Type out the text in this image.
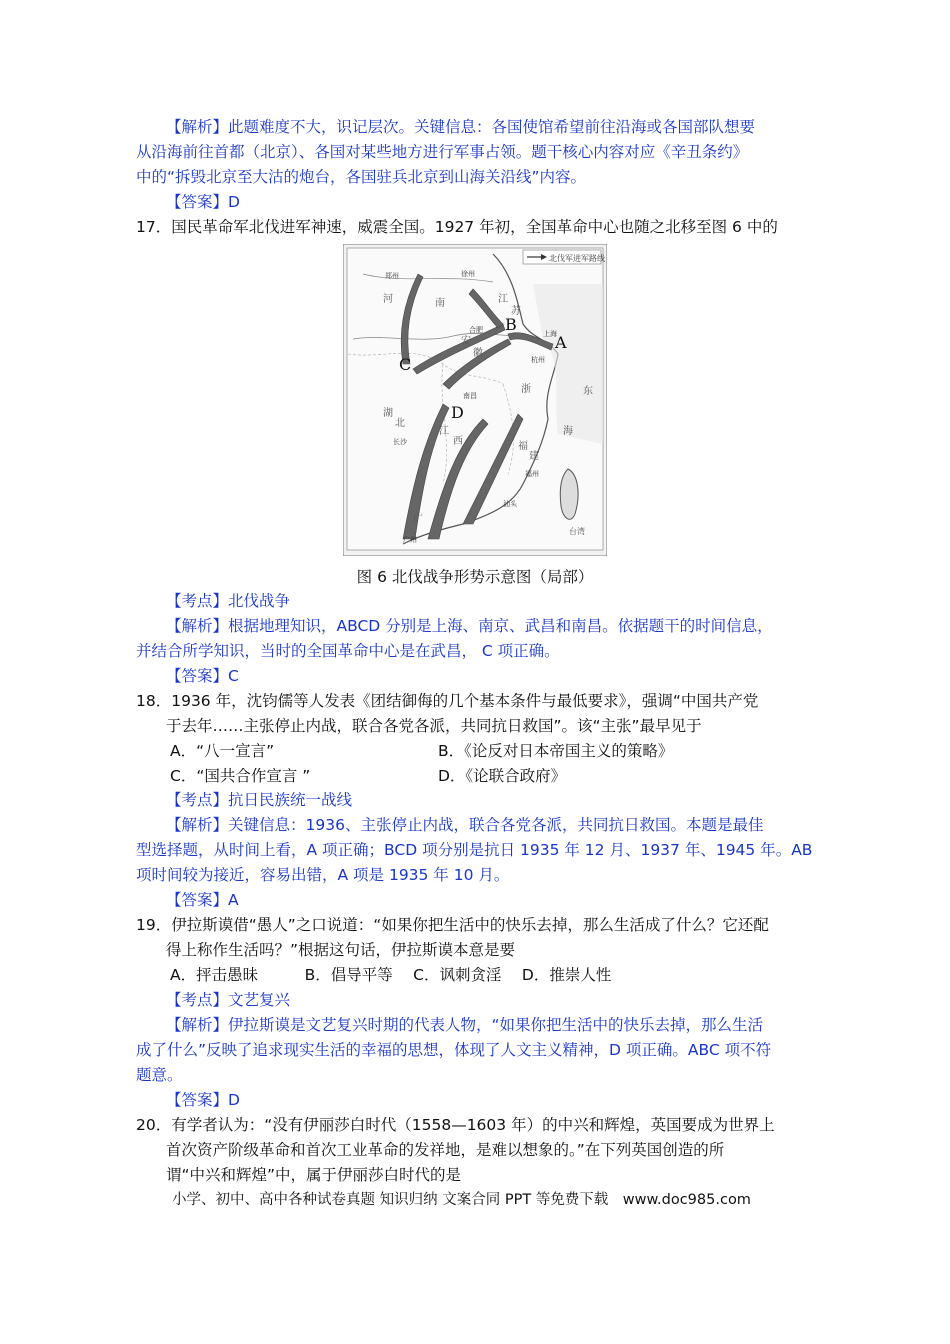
【解析】此题难度不大，识记层次。关键信息：各国使馆希望前往沿海或各国部队想要
从沿海前往首都（北京）、各国对某些地方进行军事占领。题干核心内容对应《辛丑条约》
中的“拆毁北京至大沽的炮台，各国驻兵北京到山海关沿线”内容。
【答案】D
17．国民革命军北伐进军神速，威震全国。1927 年初，全国革命中心也随之北移至图 6 中的
北伐军进军路线
B
A
C
D
河	南
安
徽
江
苏
湖
北
浙
江
西	福
建
海
东
广
台湾
郑州	徐州
合肥	上海
杭州
南昌
长沙
福州
汕头
广州
图 6 北伐战争形势示意图（局部）
【考点】北伐战争
【解析】根据地理知识，ABCD 分别是上海、南京、武昌和南昌。依据题干的时间信息，
并结合所学知识，当时的全国革命中心是在武昌， C 项正确。
【答案】C
18．1936 年，沈钧儒等人发表《团结御侮的几个基本条件与最低要求》，强调“中国共产党
于去年……主张停止内战，联合各党各派，共同抗日救国”。该“主张”最早见于
A．“八一宣言”	B．《论反对日本帝国主义的策略》
C．“国共合作宣言 ”	D．《论联合政府》
【考点】抗日民族统一战线
【解析】关键信息：1936、主张停止内战，联合各党各派，共同抗日救国。本题是最佳
型选择题，从时间上看，A 项正确；BCD 项分别是抗日 1935 年 12 月、1937 年、1945 年。AB
项时间较为接近，容易出错，A 项是 1935 年 10 月。
【答案】A
19．伊拉斯谟借“愚人”之口说道：“如果你把生活中的快乐去掉，那么生活成了什么？它还配
得上称作生活吗？”根据这句话，伊拉斯谟本意是要
A．抨击愚昧　　　B．倡导平等　 C．讽刺贪淫　 D．推崇人性
【考点】文艺复兴
【解析】伊拉斯谟是文艺复兴时期的代表人物，“如果你把生活中的快乐去掉，那么生活
成了什么”反映了追求现实生活的幸福的思想，体现了人文主义精神，D 项正确。ABC 项不符
题意。
【答案】D
20．有学者认为：“没有伊丽莎白时代（1558—1603 年）的中兴和辉煌，英国要成为世界上
首次资产阶级革命和首次工业革命的发祥地，是难以想象的。”在下列英国创造的所
谓“中兴和辉煌”中，属于伊丽莎白时代的是
小学、初中、高中各种试卷真题 知识归纳 文案合同 PPT 等免费下载　www.doc985.com
